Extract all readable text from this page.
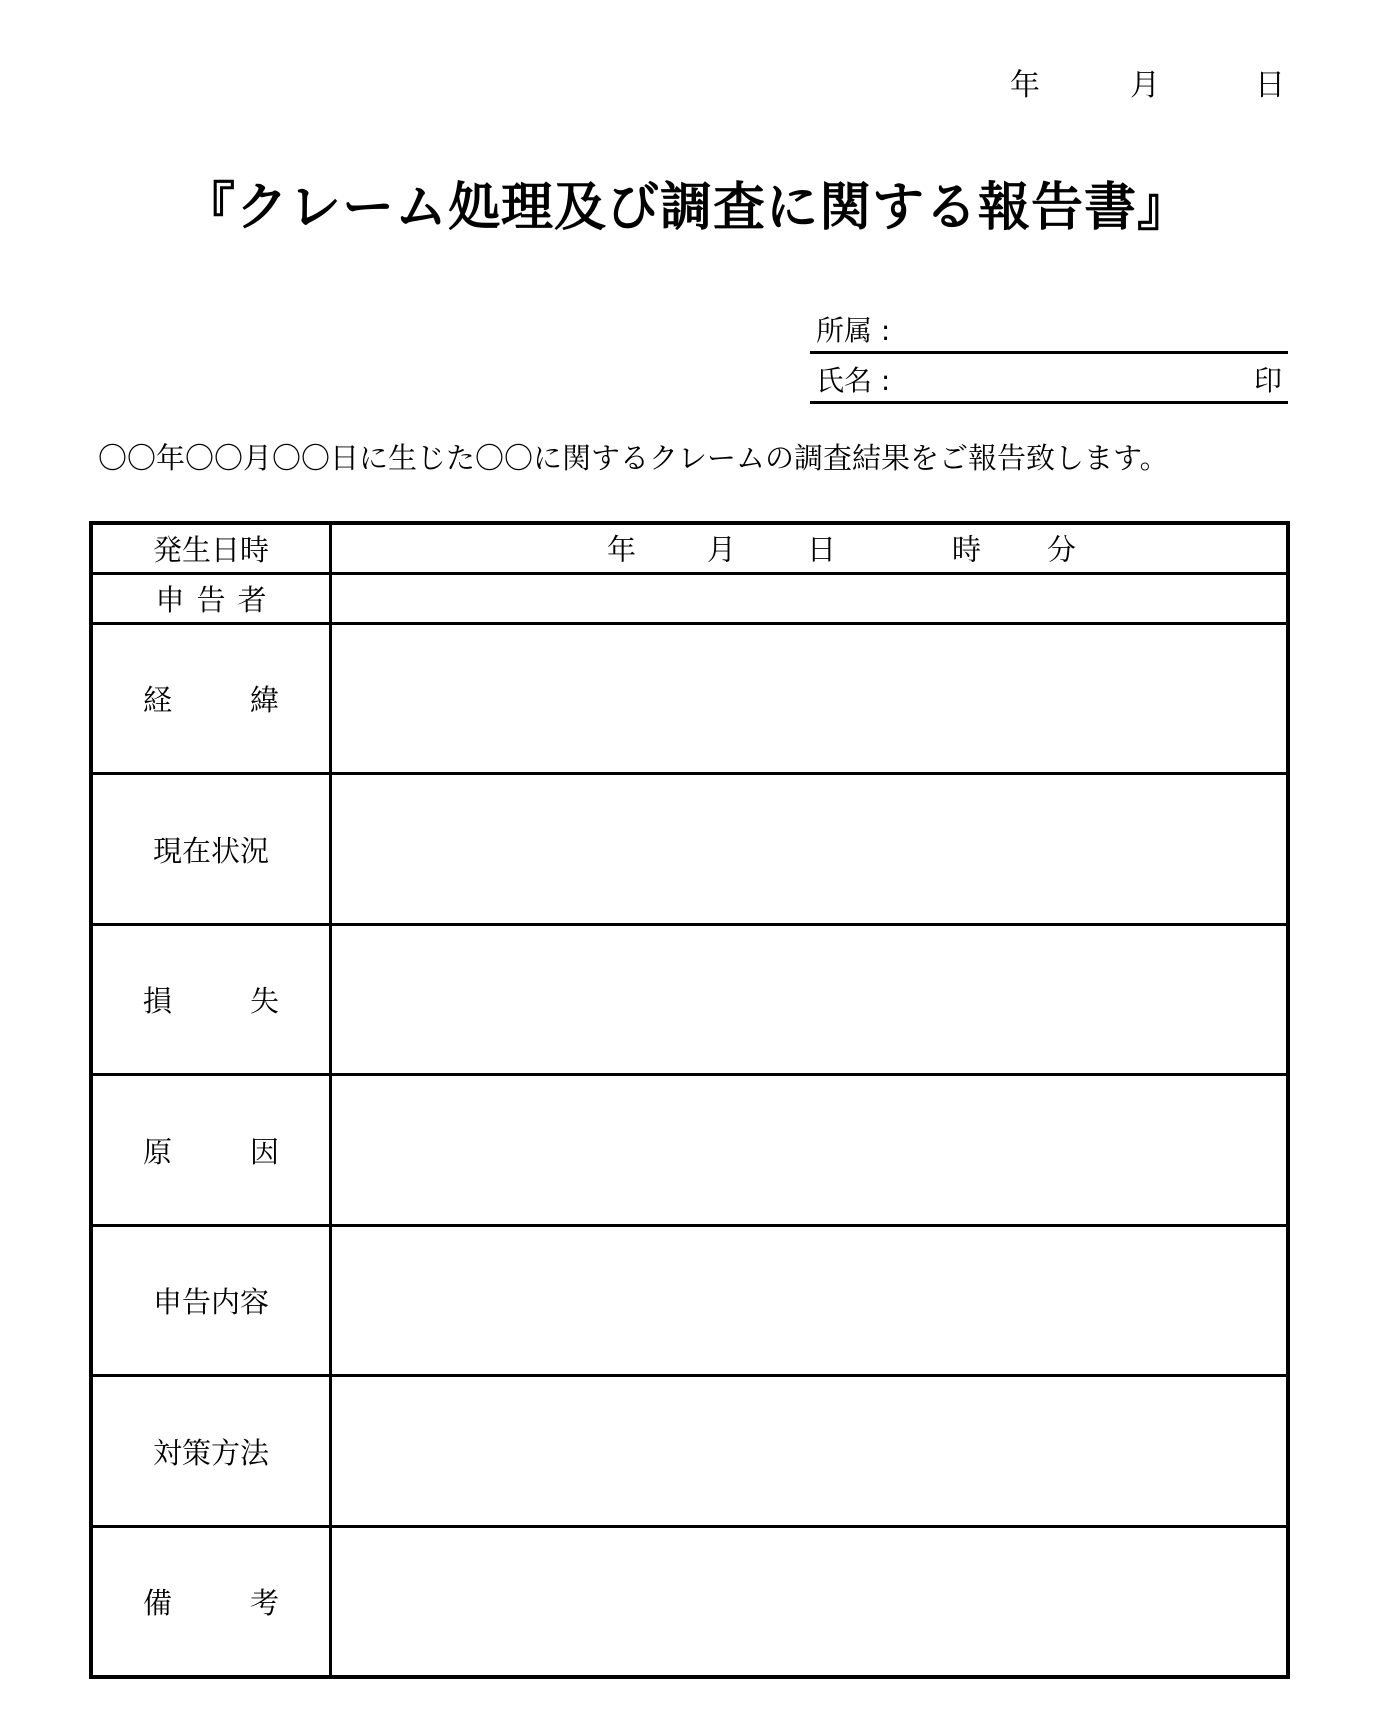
年	月	日
『クレーム処理及び調査に関する報告書』
所属 :
氏名 :	印
〇〇年〇〇月〇〇日に生じた〇〇に関するクレームの調査結果をご報告致します。
発生日時	年 月 日 時 分

申告者	

経 緯	

現在状況	

損 失	

原 因	

申告内容	
対策方法	

備 考	
